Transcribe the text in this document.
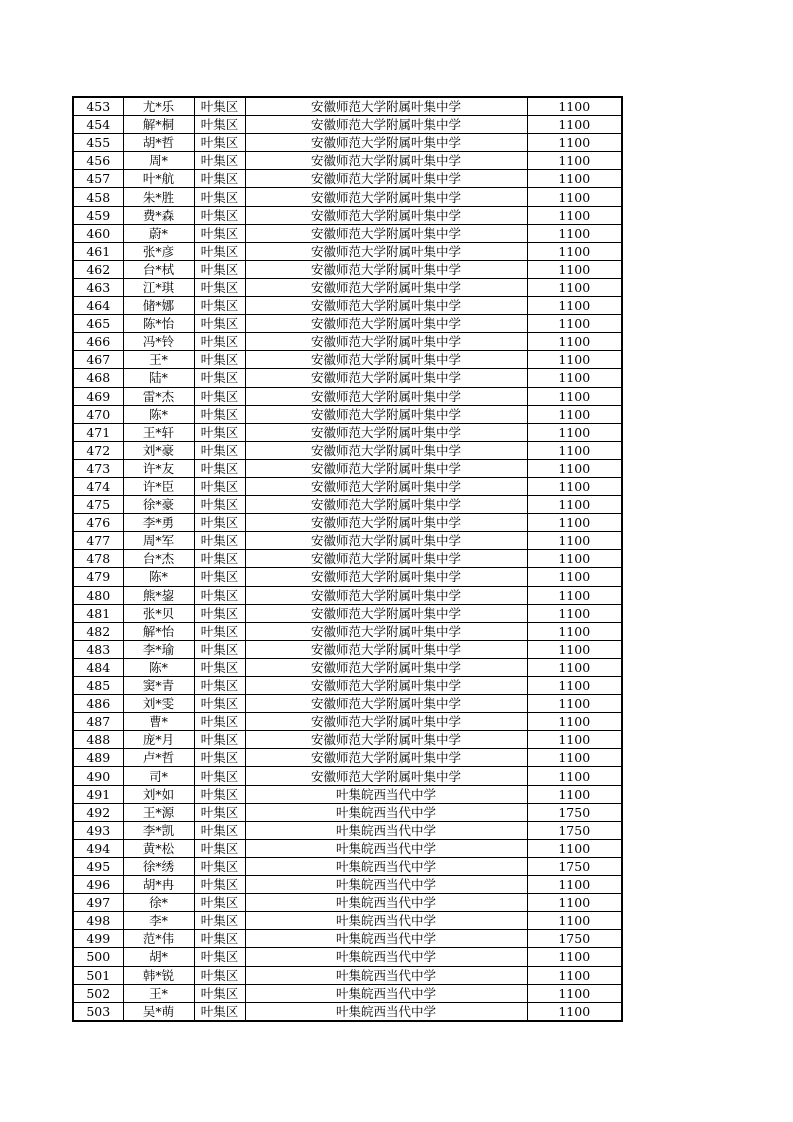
453	尤*乐	叶集区	安徽师范大学附属叶集中学	1100
454	解*桐	叶集区	安徽师范大学附属叶集中学	1100
455	胡*哲	叶集区	安徽师范大学附属叶集中学	1100
456	周*	叶集区	安徽师范大学附属叶集中学	1100
457	叶*航	叶集区	安徽师范大学附属叶集中学	1100
458	朱*胜	叶集区	安徽师范大学附属叶集中学	1100
459	费*森	叶集区	安徽师范大学附属叶集中学	1100
460	蔚*	叶集区	安徽师范大学附属叶集中学	1100
461	张*彦	叶集区	安徽师范大学附属叶集中学	1100
462	台*栻	叶集区	安徽师范大学附属叶集中学	1100
463	江*琪	叶集区	安徽师范大学附属叶集中学	1100
464	储*娜	叶集区	安徽师范大学附属叶集中学	1100
465	陈*怡	叶集区	安徽师范大学附属叶集中学	1100
466	冯*铃	叶集区	安徽师范大学附属叶集中学	1100
467	王*	叶集区	安徽师范大学附属叶集中学	1100
468	陆*	叶集区	安徽师范大学附属叶集中学	1100
469	雷*杰	叶集区	安徽师范大学附属叶集中学	1100
470	陈*	叶集区	安徽师范大学附属叶集中学	1100
471	王*轩	叶集区	安徽师范大学附属叶集中学	1100
472	刘*豪	叶集区	安徽师范大学附属叶集中学	1100
473	许*友	叶集区	安徽师范大学附属叶集中学	1100
474	许*臣	叶集区	安徽师范大学附属叶集中学	1100
475	徐*豪	叶集区	安徽师范大学附属叶集中学	1100
476	李*勇	叶集区	安徽师范大学附属叶集中学	1100
477	周*军	叶集区	安徽师范大学附属叶集中学	1100
478	台*杰	叶集区	安徽师范大学附属叶集中学	1100
479	陈*	叶集区	安徽师范大学附属叶集中学	1100
480	熊*鋆	叶集区	安徽师范大学附属叶集中学	1100
481	张*贝	叶集区	安徽师范大学附属叶集中学	1100
482	解*怡	叶集区	安徽师范大学附属叶集中学	1100
483	李*瑜	叶集区	安徽师范大学附属叶集中学	1100
484	陈*	叶集区	安徽师范大学附属叶集中学	1100
485	窦*青	叶集区	安徽师范大学附属叶集中学	1100
486	刘*雯	叶集区	安徽师范大学附属叶集中学	1100
487	曹*	叶集区	安徽师范大学附属叶集中学	1100
488	庞*月	叶集区	安徽师范大学附属叶集中学	1100
489	卢*哲	叶集区	安徽师范大学附属叶集中学	1100
490	司*	叶集区	安徽师范大学附属叶集中学	1100
491	刘*如	叶集区	叶集皖西当代中学	1100
492	王*源	叶集区	叶集皖西当代中学	1750
493	李*凯	叶集区	叶集皖西当代中学	1750
494	黄*松	叶集区	叶集皖西当代中学	1100
495	徐*绣	叶集区	叶集皖西当代中学	1750
496	胡*冉	叶集区	叶集皖西当代中学	1100
497	徐*	叶集区	叶集皖西当代中学	1100
498	李*	叶集区	叶集皖西当代中学	1100
499	范*伟	叶集区	叶集皖西当代中学	1750
500	胡*	叶集区	叶集皖西当代中学	1100
501	韩*锐	叶集区	叶集皖西当代中学	1100
502	王*	叶集区	叶集皖西当代中学	1100
503	吴*萌	叶集区	叶集皖西当代中学	1100
